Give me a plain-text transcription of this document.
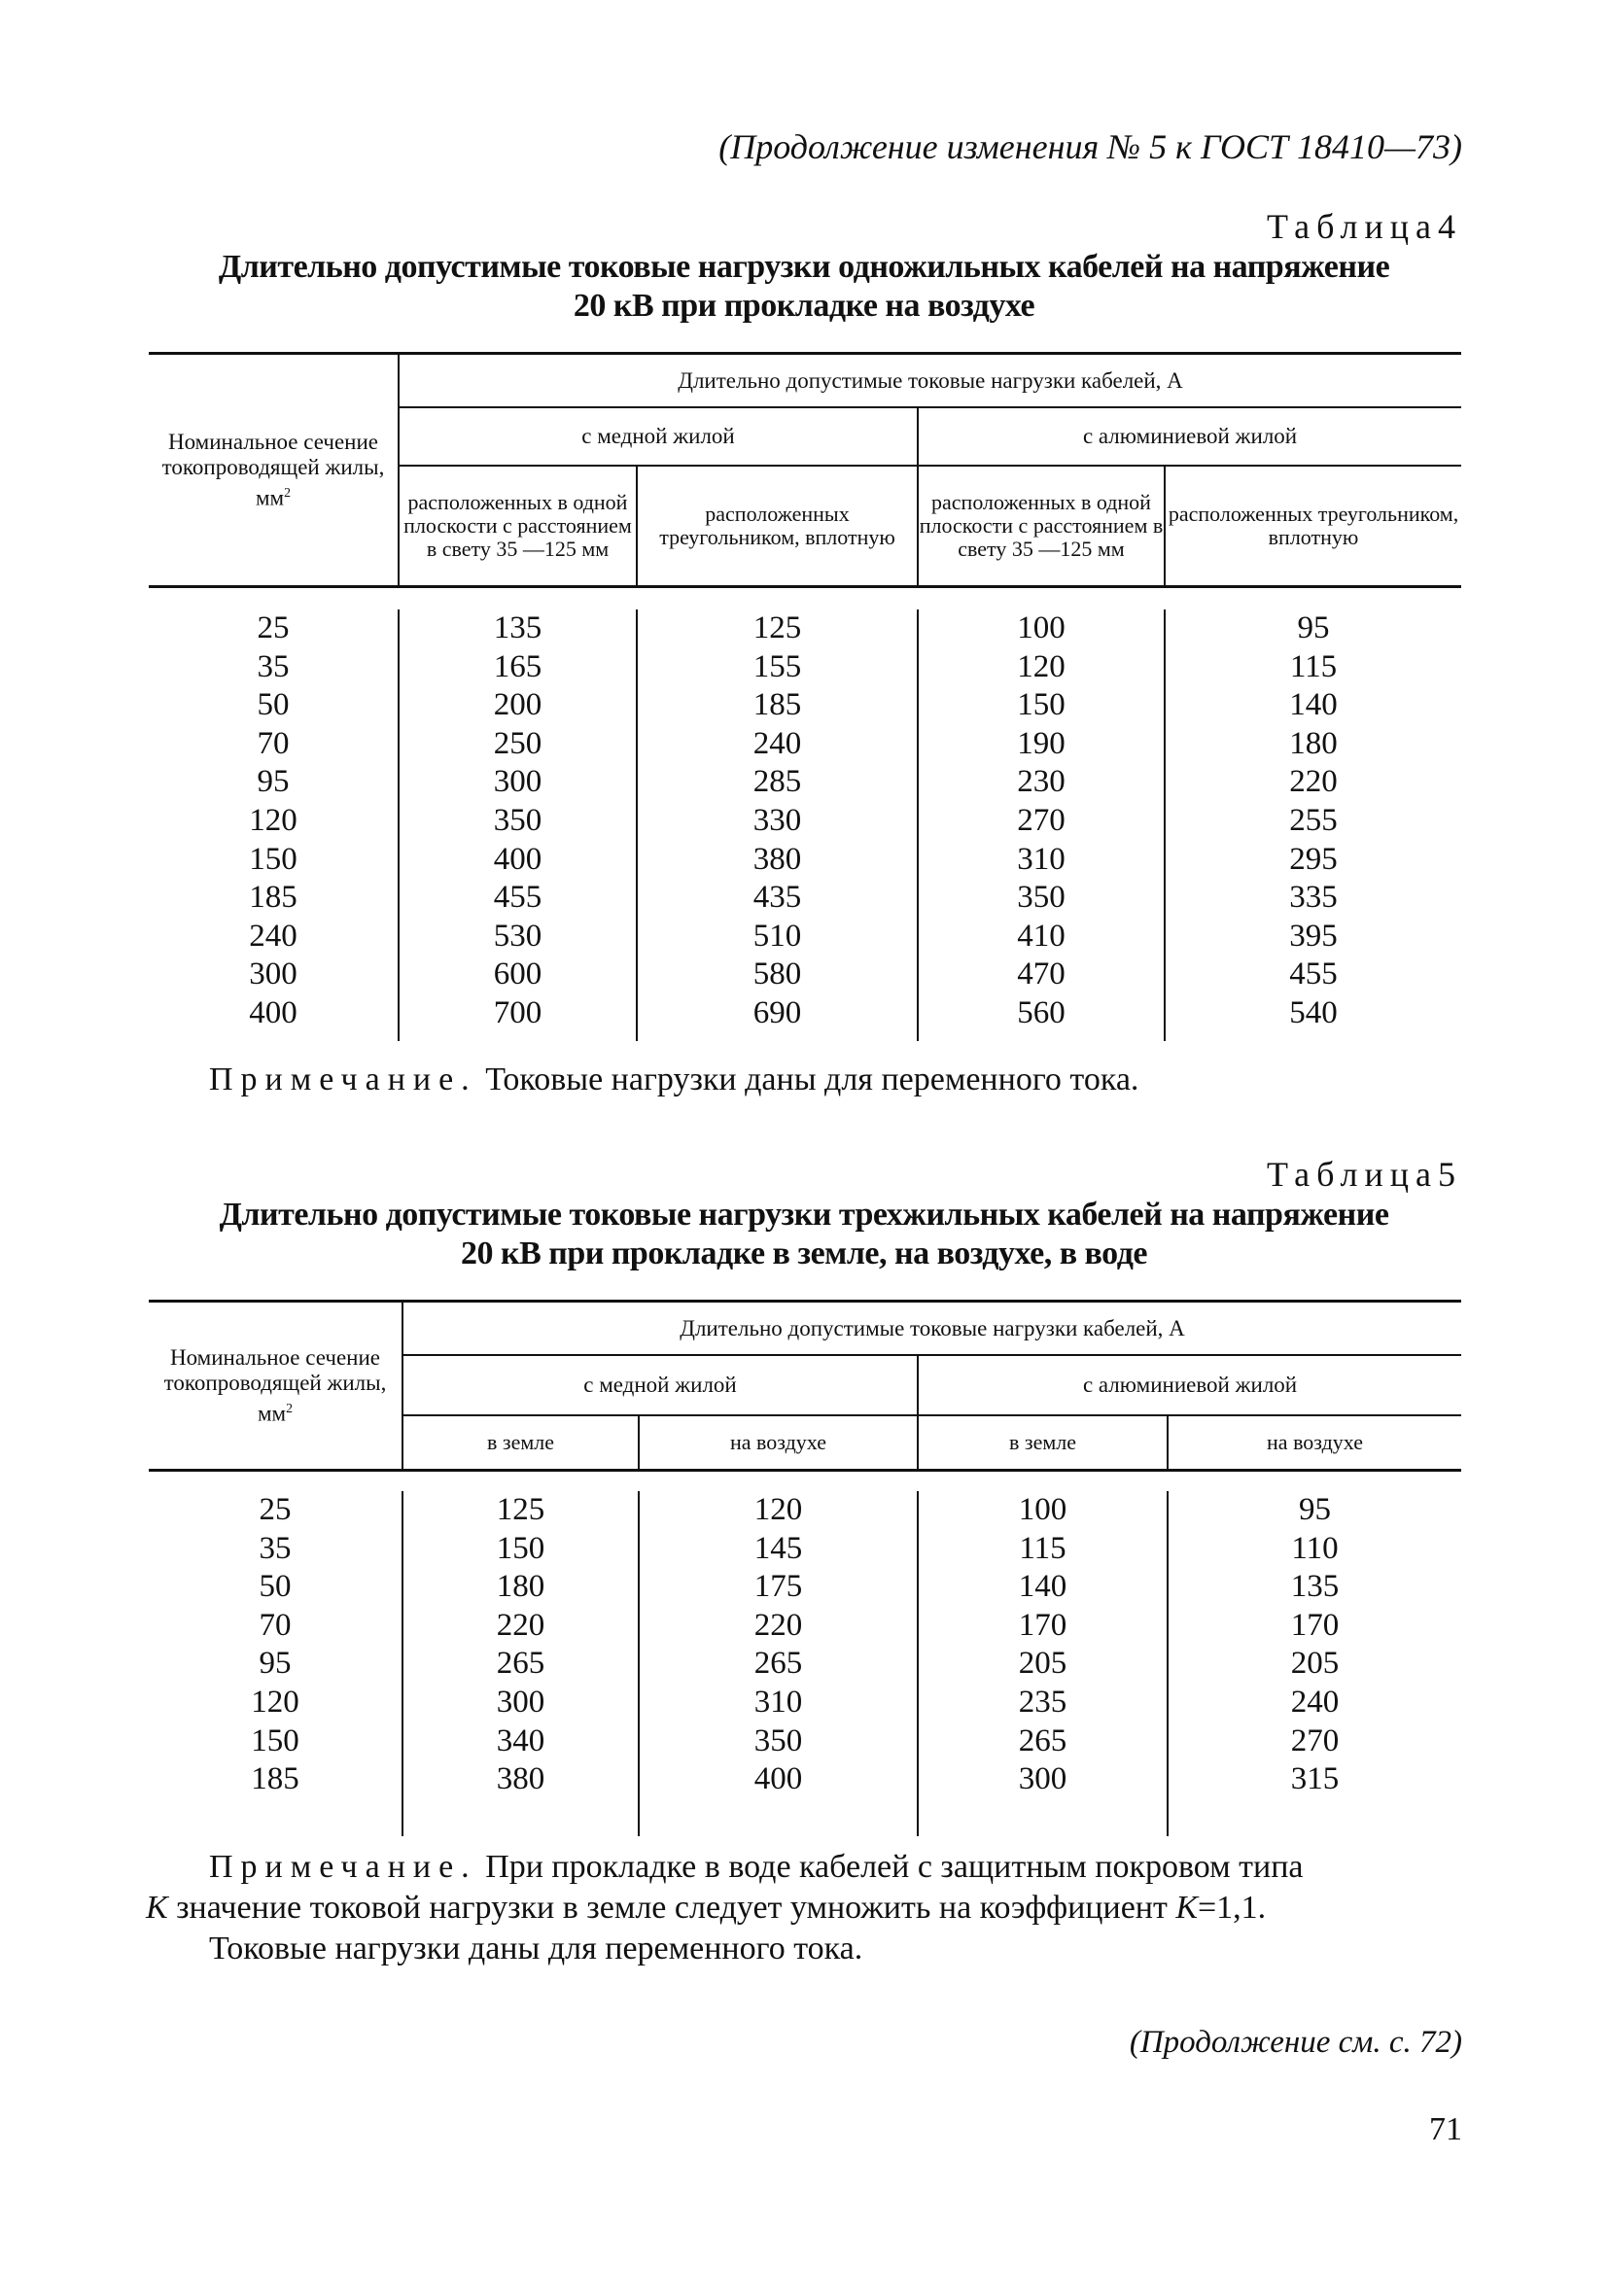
(Продолжение изменения № 5 к ГОСТ 18410—73)
Таблица4
Длительно допустимые токовые нагрузки одножильных кабелей на напряжение
20 кВ при прокладке на воздухе
Номинальное сечение токопроводящей жилы, $мм^2$	Длительно допустимые токовые нагрузки кабелей, А			
	с медной жилой		с алюминиевой жилой	
	расположенных в одной плоскости с расстоянием в свету 35 —125 мм	расположенных треугольником, вплотную	расположенных в одной плоскости с расстоянием в свету 35 —125 мм	расположенных треугольником, вплотную

25	135	125	100	95
35	165	155	120	115
50	200	185	150	140
70	250	240	190	180
95	300	285	230	220
120	350	330	270	255
150	400	380	310	295
185	455	435	350	335
240	530	510	410	395
300	600	580	470	455
400	700	690	560	540

Примечание. Токовые нагрузки даны для переменного тока.
Таблица5
Длительно допустимые токовые нагрузки трехжильных кабелей на напряжение
20 кВ при прокладке в земле, на воздухе, в воде
Номинальное сечение токопроводящей жилы, $мм^2$	Длительно допустимые токовые нагрузки кабелей, А			
	с медной жилой		с алюминиевой жилой	
	в земле	на воздухе	в земле	на воздухе

25	125	120	100	95
35	150	145	115	110
50	180	175	140	135
70	220	220	170	170
95	265	265	205	205
120	300	310	235	240
150	340	350	265	270
185	380	400	300	315

Примечание. При прокладке в воде кабелей с защитным покровом типа
К значение токовой нагрузки в земле следует умножить на коэффициент К=1,1.
Токовые нагрузки даны для переменного тока.
(Продолжение см. с. 72)
71
